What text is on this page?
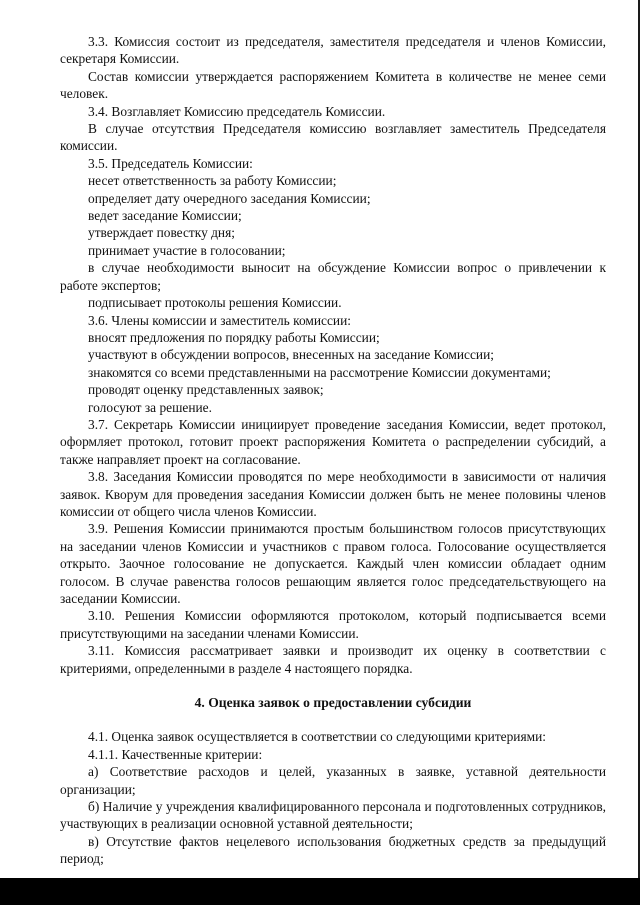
3.3. Комиссия состоит из председателя, заместителя председателя и членов Комиссии, секретаря Комиссии.

Состав комиссии утверждается распоряжением Комитета в количестве не менее семи человек.

3.4. Возглавляет Комиссию председатель Комиссии.

В случае отсутствия Председателя комиссию возглавляет заместитель Председателя комиссии.

3.5. Председатель Комиссии:

несет ответственность за работу Комиссии;

определяет дату очередного заседания Комиссии;

ведет заседание Комиссии;

утверждает повестку дня;

принимает участие в голосовании;

в случае необходимости выносит на обсуждение Комиссии вопрос о привлечении к работе экспертов;

подписывает протоколы решения Комиссии.

3.6. Члены комиссии и заместитель комиссии:

вносят предложения по порядку работы Комиссии;

участвуют в обсуждении вопросов, внесенных на заседание Комиссии;

знакомятся со всеми представленными на рассмотрение Комиссии документами;

проводят оценку представленных заявок;

голосуют за решение.

3.7. Секретарь Комиссии инициирует проведение заседания Комиссии, ведет протокол, оформляет протокол, готовит проект распоряжения Комитета о распределении субсидий, а также направляет проект на согласование.

3.8. Заседания Комиссии проводятся по мере необходимости в зависимости от наличия заявок. Кворум для проведения заседания Комиссии должен быть не менее половины членов комиссии от общего числа членов Комиссии.

3.9. Решения Комиссии принимаются простым большинством голосов присутствующих на заседании членов Комиссии и участников с правом голоса. Голосование осуществляется открыто. Заочное голосование не допускается. Каждый член комиссии обладает одним голосом. В случае равенства голосов решающим является голос председательствующего на заседании Комиссии.

3.10. Решения Комиссии оформляются протоколом, который подписывается всеми присутствующими на заседании членами Комиссии.

3.11. Комиссия рассматривает заявки и производит их оценку в соответствии с критериями, определенными в разделе 4 настоящего порядка.

4. Оценка заявок о предоставлении субсидии

4.1. Оценка заявок осуществляется в соответствии со следующими критериями:

4.1.1. Качественные критерии:

а) Соответствие расходов и целей, указанных в заявке, уставной деятельности организации;

б) Наличие у учреждения квалифицированного персонала и подготовленных сотрудников, участвующих в реализации основной уставной деятельности;

в) Отсутствие фактов нецелевого использования бюджетных средств за предыдущий период;
